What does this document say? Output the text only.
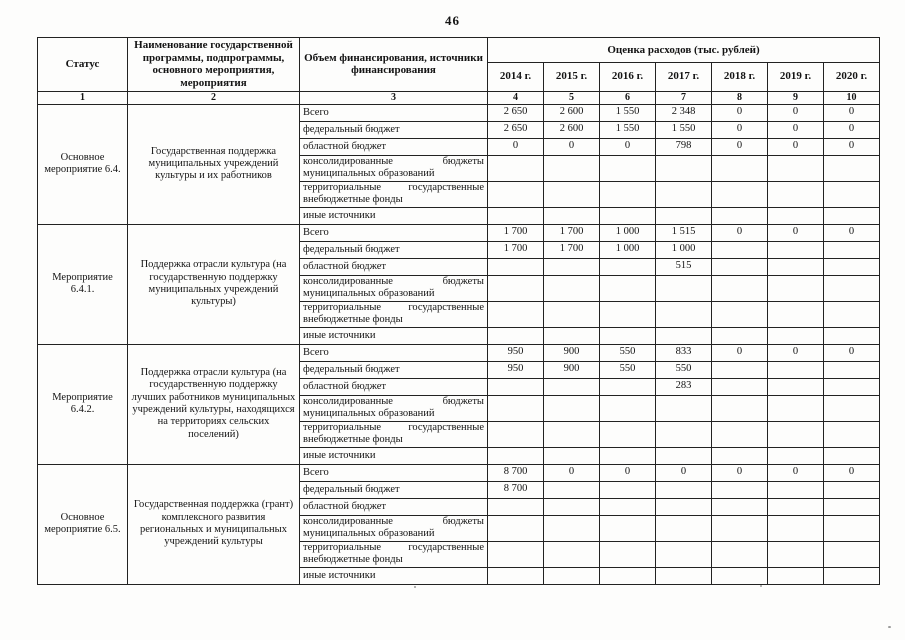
46
Статус	Наименование государственной программы, подпрограммы, основного мероприятия, мероприятия	Объем финансирования, источники финансирования	Оценка расходов (тыс. рублей)						
			2014 г.	2015 г.	2016 г.	2017 г.	2018 г.	2019 г.	2020 г.
1	2	3	4	5	6	7	8	9	10
Основное мероприятие 6.4.	Государственная поддержка муниципальных учреждений культуры и их работников	Всего	2 650	2 600	1 550	2 348	0	0	0
		федеральный бюджет	2 650	2 600	1 550	1 550	0	0	0
		областной бюджет	0	0	0	798	0	0	0
		консолидированные бюджеты муниципальных образований							
		территориальные государственные внебюджетные фонды							
		иные источники							
Мероприятие 6.4.1.	Поддержка отрасли культура (на государственную поддержку муниципальных учреждений культуры)	Всего	1 700	1 700	1 000	1 515	0	0	0
		федеральный бюджет	1 700	1 700	1 000	1 000			
		областной бюджет				515			
		консолидированные бюджеты муниципальных образований							
		территориальные государственные внебюджетные фонды							
		иные источники							
Мероприятие 6.4.2.	Поддержка отрасли культура (на государственную поддержку лучших работников муниципальных учреждений культуры, находящихся на территориях сельских поселений)	Всего	950	900	550	833	0	0	0
		федеральный бюджет	950	900	550	550			
		областной бюджет				283			
		консолидированные бюджеты муниципальных образований							
		территориальные государственные внебюджетные фонды							
		иные источники							
Основное мероприятие 6.5.	Государственная поддержка (грант) комплексного развития региональных и муниципальных учреждений культуры	Всего	8 700	0	0	0	0	0	0
		федеральный бюджет	8 700						
		областной бюджет							
		консолидированные бюджеты муниципальных образований							
		территориальные государственные внебюджетные фонды							
		иные источники							
